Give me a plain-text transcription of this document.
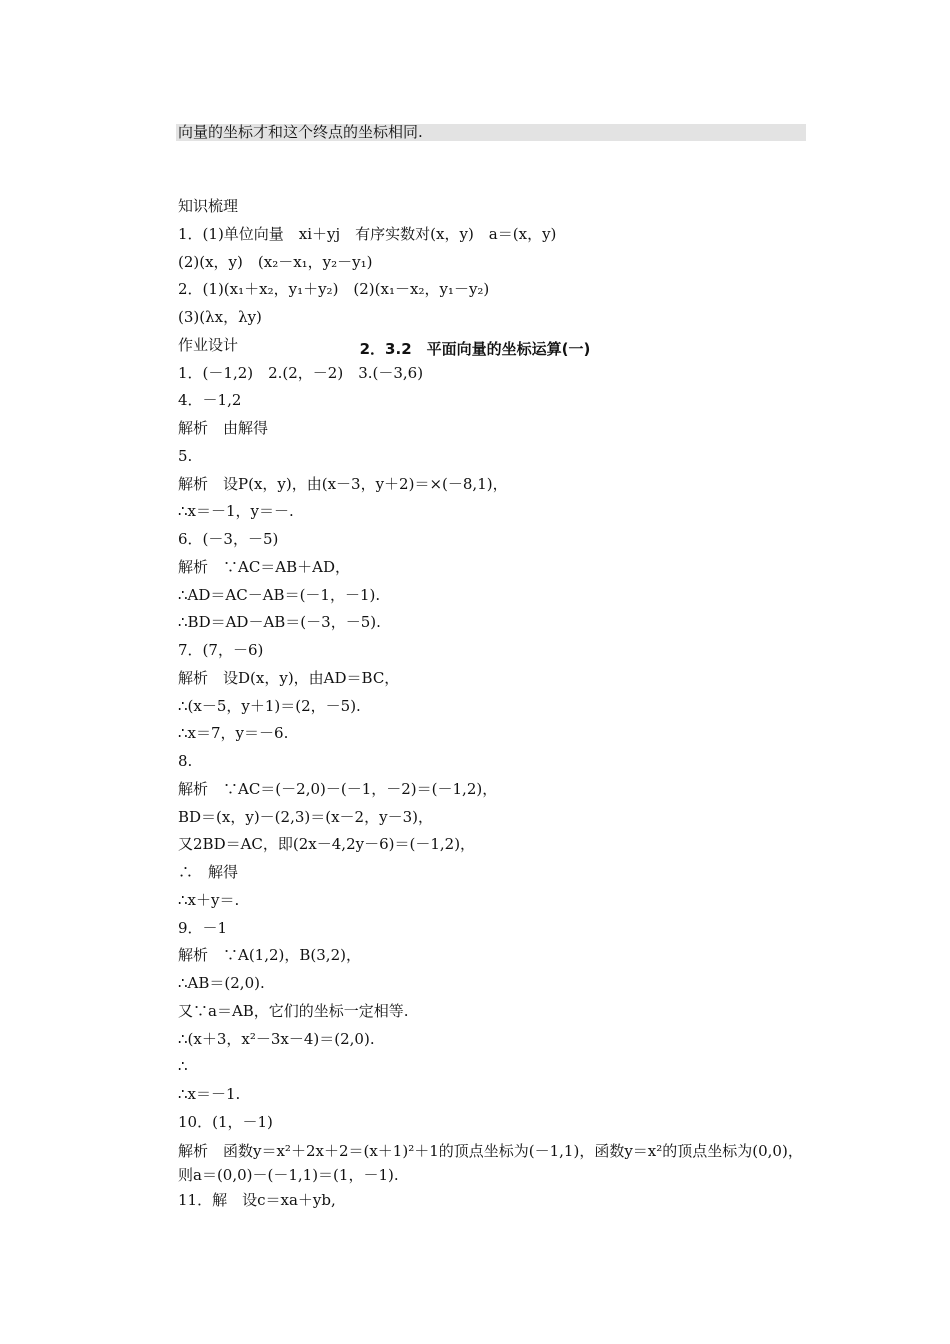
向量的坐标才和这个终点的坐标相同.
2．3.2　平面向量的坐标运算(一)
知识梳理
1．(1)单位向量　xi＋yj　有序实数对(x，y)　a＝(x，y)
(2)(x，y)　(x₂－x₁，y₂－y₁)
2．(1)(x₁＋x₂，y₁＋y₂)　(2)(x₁－x₂，y₁－y₂)
(3)(λx，λy)
作业设计
1．(－1,2)　2.(2，－2)　3.(－3,6)
4．－1,2
解析　由解得
5.
解析　设P(x，y)，由(x－3，y＋2)＝×(－8,1)，
∴x＝－1，y＝－.
6．(－3，－5)
解析　∵AC＝AB＋AD，
∴AD＝AC－AB＝(－1，－1).
∴BD＝AD－AB＝(－3，－5).
7．(7，－6)
解析　设D(x，y)，由AD＝BC，
∴(x－5，y＋1)＝(2，－5).
∴x＝7，y＝－6.
8.
解析　∵AC＝(－2,0)－(－1，－2)＝(－1,2)，
BD＝(x，y)－(2,3)＝(x－2，y－3)，
又2BD＝AC，即(2x－4,2y－6)＝(－1,2)，
∴　解得
∴x＋y＝.
9．－1
解析　∵A(1,2)，B(3,2)，
∴AB＝(2,0).
又∵a＝AB，它们的坐标一定相等.
∴(x＋3，x²－3x－4)＝(2,0).
∴
∴x＝－1.
10．(1，－1)
解析　函数y＝x²＋2x＋2＝(x＋1)²＋1的顶点坐标为(－1,1)，函数y＝x²的顶点坐标为(0,0)，则a＝(0,0)－(－1,1)＝(1，－1).
11．解　设c＝xa＋yb,
